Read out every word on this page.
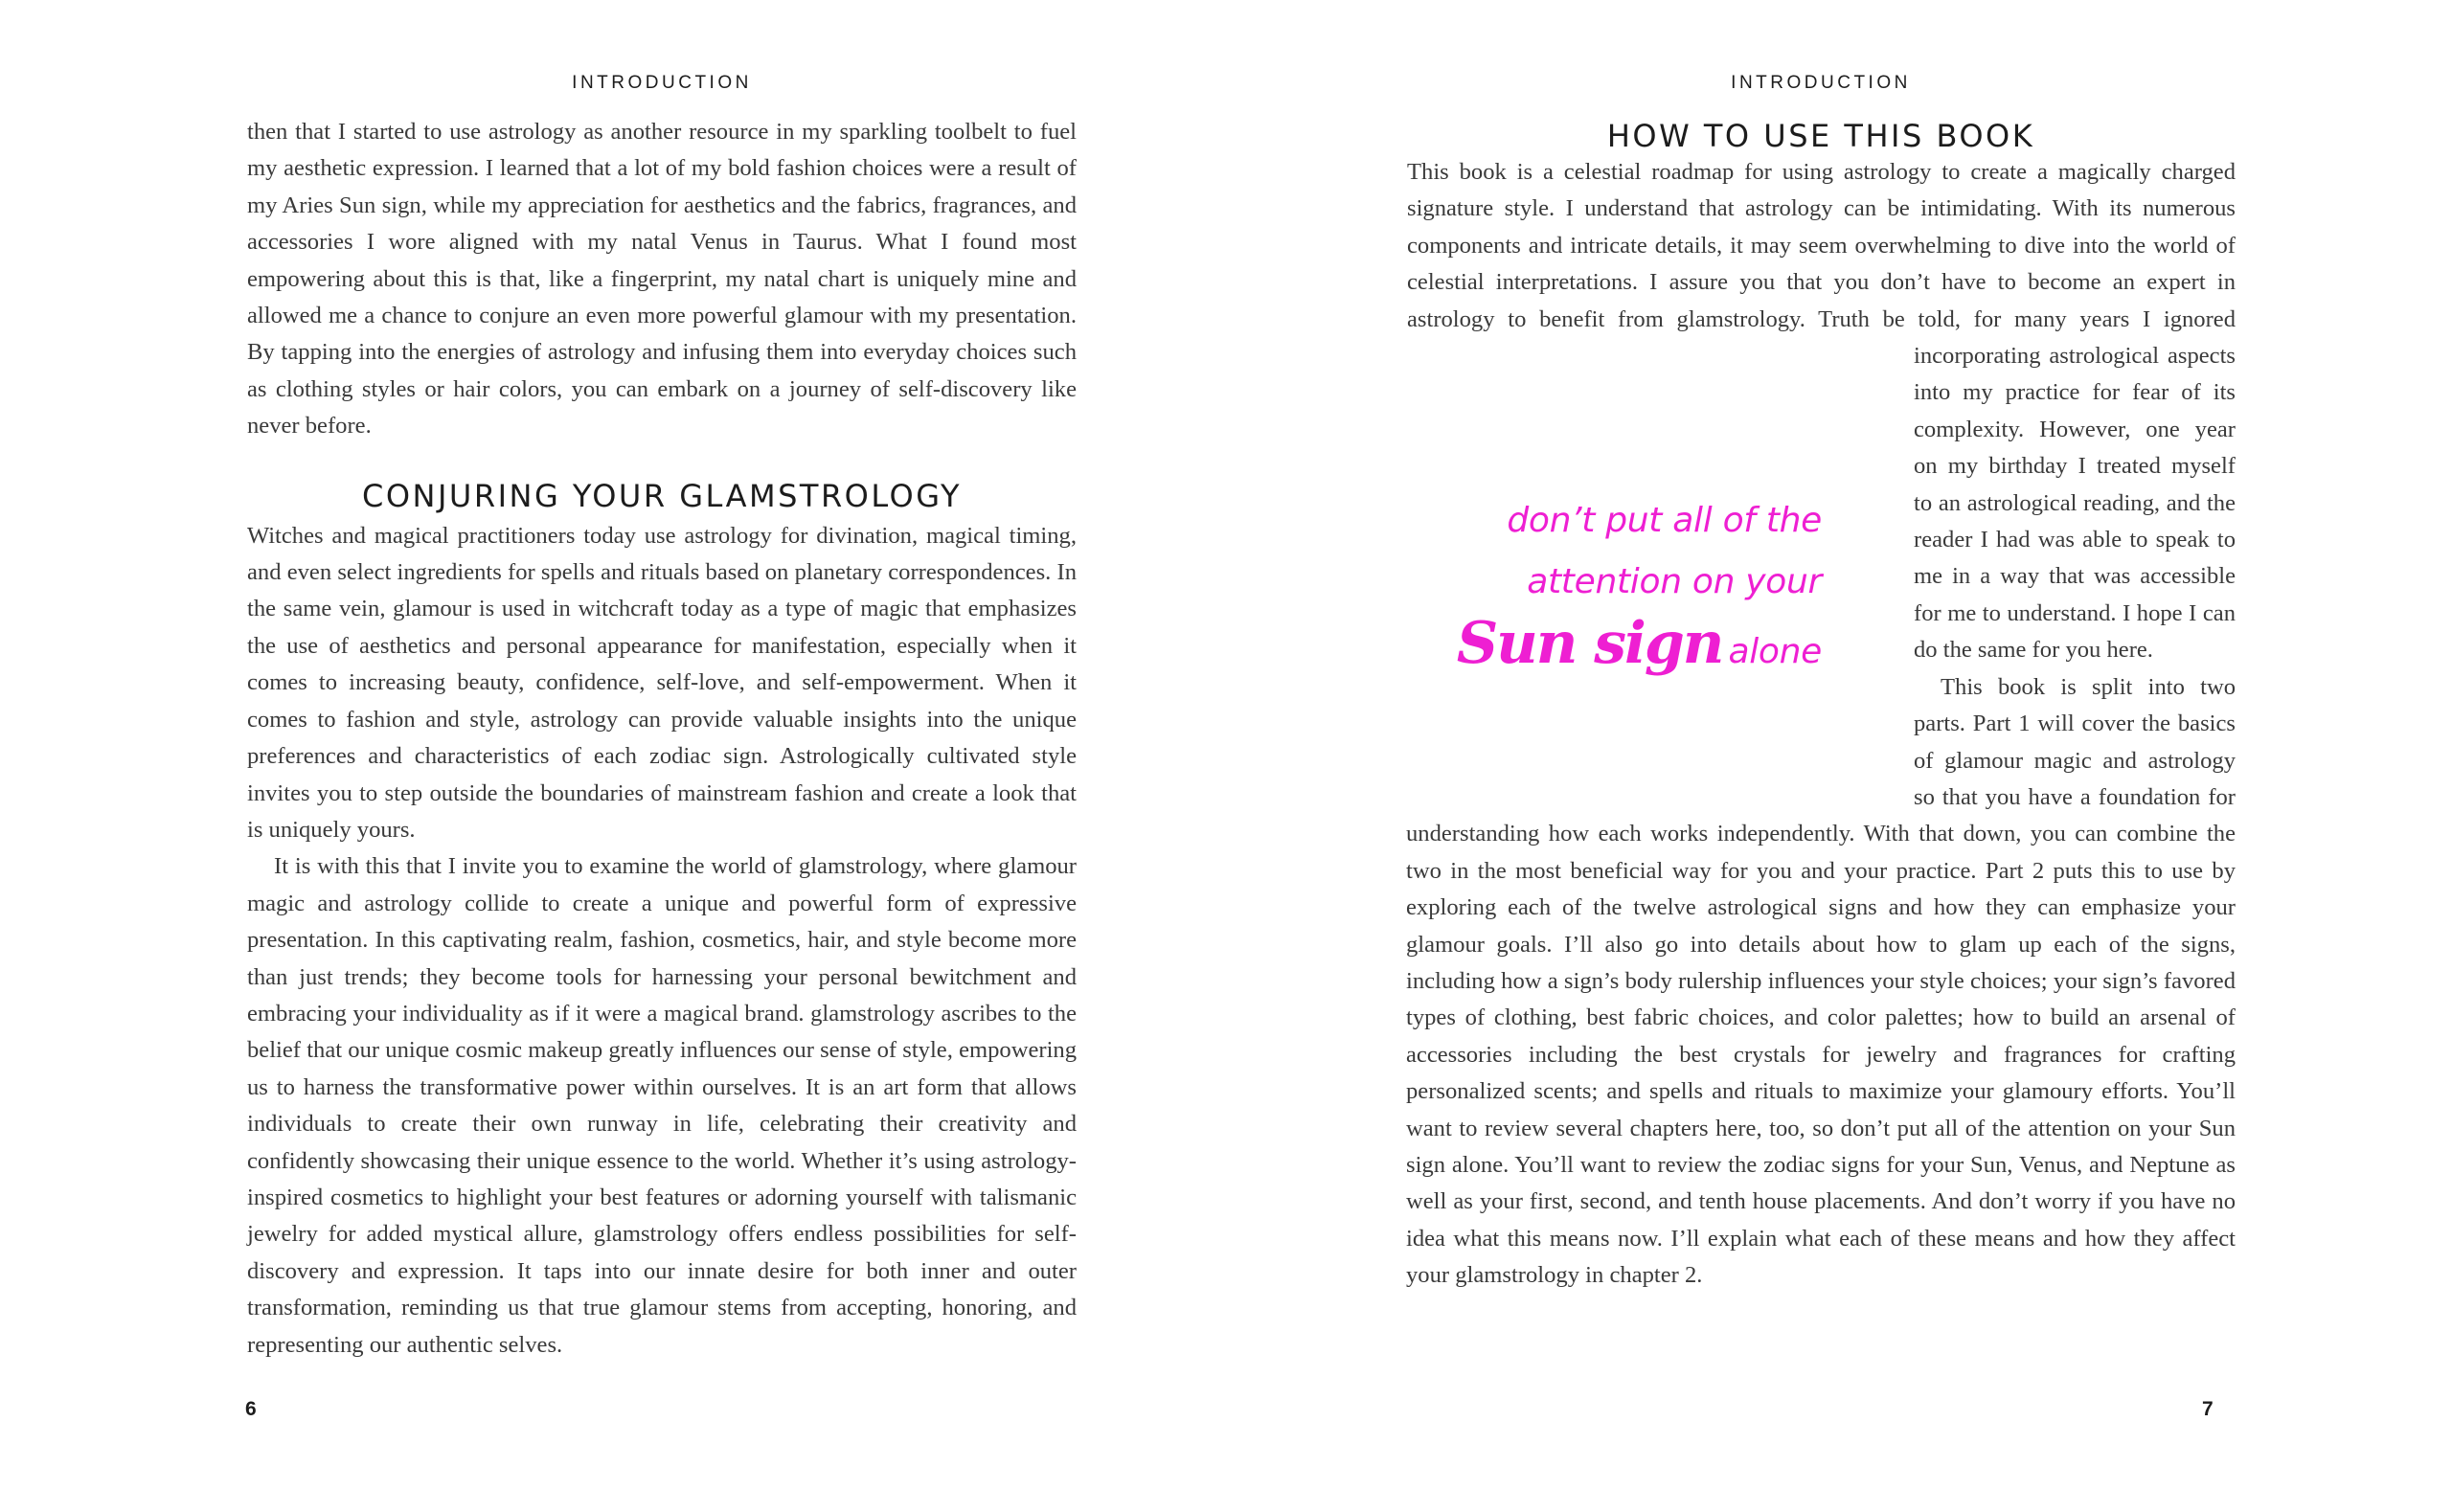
INTRODUCTION

then that I started to use astrology as another resource in my sparkling toolbelt to fuel my aesthetic expression. I learned that a lot of my bold fashion choices were a result of my Aries Sun sign, while my appreciation for aesthetics and the fabrics, fragrances, and accessories I wore aligned with my natal Venus in Taurus. What I found most empowering about this is that, like a fingerprint, my natal chart is uniquely mine and allowed me a chance to conjure an even more powerful glamour with my presentation. By tapping into the energies of astrology and infusing them into everyday choices such as clothing styles or hair colors, you can embark on a journey of self-discovery like never before.

CONJURING YOUR GLAMSTROLOGY

Witches and magical practitioners today use astrology for divination, magical timing, and even select ingredients for spells and rituals based on planetary correspondences. In the same vein, glamour is used in witchcraft today as a type of magic that emphasizes the use of aesthetics and personal appearance for manifestation, especially when it comes to increasing beauty, confidence, self-love, and self-empowerment. When it comes to fashion and style, astrology can provide valuable insights into the unique preferences and characteristics of each zodiac sign. Astrologically cultivated style invites you to step outside the boundaries of mainstream fashion and create a look that is uniquely yours.

It is with this that I invite you to examine the world of glamstrology, where glamour magic and astrology collide to create a unique and powerful form of expressive presentation. In this captivating realm, fashion, cosmetics, hair, and style become more than just trends; they become tools for harnessing your personal bewitchment and embracing your individuality as if it were a magical brand. glamstrology ascribes to the belief that our unique cosmic makeup greatly influences our sense of style, empowering us to harness the transformative power within ourselves. It is an art form that allows individuals to create their own runway in life, celebrating their creativity and confidently showcasing their unique essence to the world. Whether it’s using astrology-inspired cosmetics to highlight your best features or adorning yourself with talismanic jewelry for added mystical allure, glamstrology offers endless possibilities for self-discovery and expression. It taps into our innate desire for both inner and outer transformation, reminding us that true glamour stems from accepting, honoring, and representing our authentic selves.

6
INTRODUCTION
HOW TO USE THIS BOOK

don’t put all of the
attention on your
Sun sign alone
This book is a celestial roadmap for using astrology to create a magically charged signature style. I understand that astrology can be intimidating. With its numerous components and intricate details, it may seem overwhelming to dive into the world of celestial interpretations. I assure you that you don’t have to become an expert in astrology to benefit from glamstrology. Truth be told, for many years I ignored incorporating astrological aspects into my practice for fear of its complexity. However, one year on my birthday I treated myself to an astrological reading, and the reader I had was able to speak to me in a way that was accessible for me to understand. I hope I can do the same for you here.

This book is split into two parts. Part 1 will cover the basics of glamour magic and astrology so that you have a foundation for understanding how each works independently. With that down, you can combine the two in the most beneficial way for you and your practice. Part 2 puts this to use by exploring each of the twelve astrological signs and how they can emphasize your glamour goals. I’ll also go into details about how to glam up each of the signs, including how a sign’s body rulership influences your style choices; your sign’s favored types of clothing, best fabric choices, and color palettes; how to build an arsenal of accessories including the best crystals for jewelry and fragrances for crafting personalized scents; and spells and rituals to maximize your glamoury efforts. You’ll want to review several chapters here, too, so don’t put all of the attention on your Sun sign alone. You’ll want to review the zodiac signs for your Sun, Venus, and Neptune as well as your first, second, and tenth house placements. And don’t worry if you have no idea what this means now. I’ll explain what each of these means and how they affect your glamstrology in chapter 2.

7
